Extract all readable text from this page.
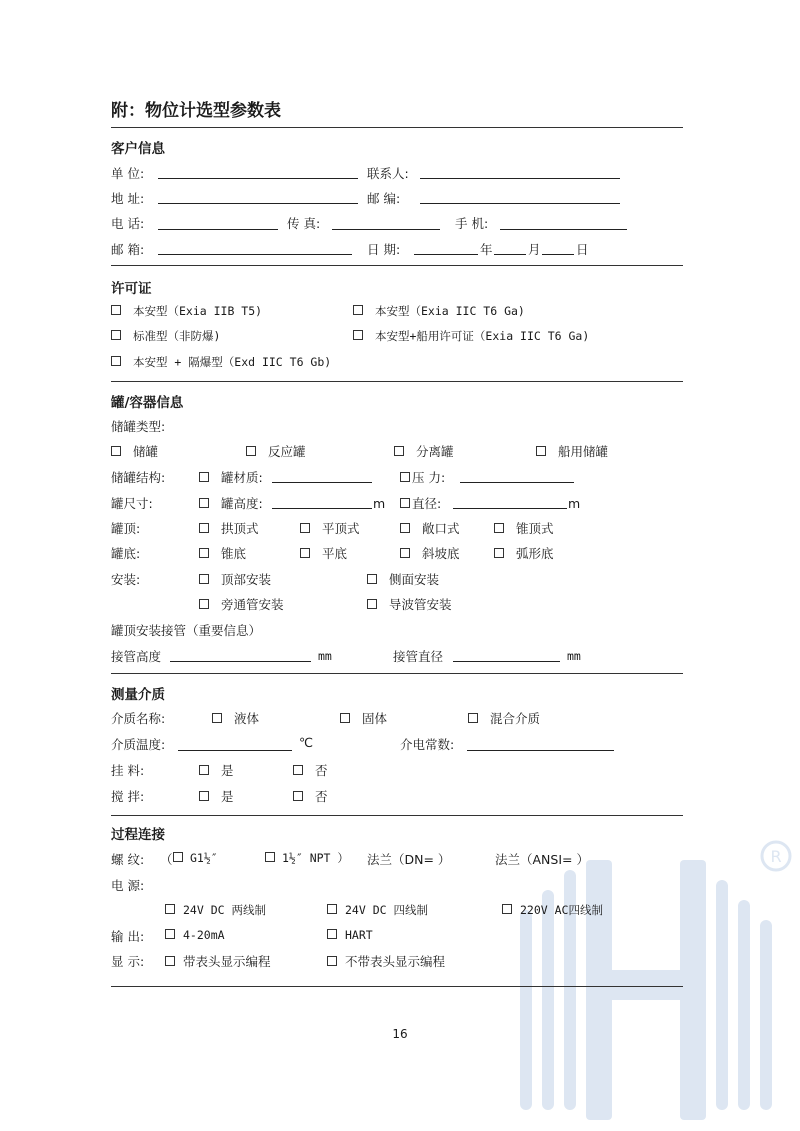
R
附：物位计选型参数表
客户信息
单 位:	联系人:
地 址:	邮 编:
电 话:	传 真:	手 机:
邮 箱:	日 期:	年	月	日
许可证
本安型（Exia IIB T5)	本安型（Exia IIC T6 Ga)
标准型（非防爆)	本安型+船用许可证（Exia IIC T6 Ga)
本安型 + 隔爆型（Exd IIC T6 Gb)
罐/容器信息
储罐类型:
储罐	反应罐	分离罐	船用储罐
储罐结构:	罐材质:	压 力:
罐尺寸:	罐高度:	m	直径:	m
罐顶:	拱顶式	平顶式	敞口式	锥顶式
罐底:	锥底	平底	斜坡底	弧形底
安装:	顶部安装	侧面安装
旁通管安装	导波管安装
罐顶安装接管（重要信息）
接管高度	mm	接管直径	mm
测量介质
介质名称:	液体	固体	混合介质
介质温度:	℃	介电常数:
挂 料:	是	否
搅 拌:	是	否
过程连接
螺 纹: （	G1½″	1½″ NPT ） 法兰（DN= ）	法兰（ANSI= ）
电 源:
24V DC 两线制	24V DC 四线制	220V AC四线制
输 出:	4-20mA	HART
显 示:	带表头显示编程	不带表头显示编程
16
